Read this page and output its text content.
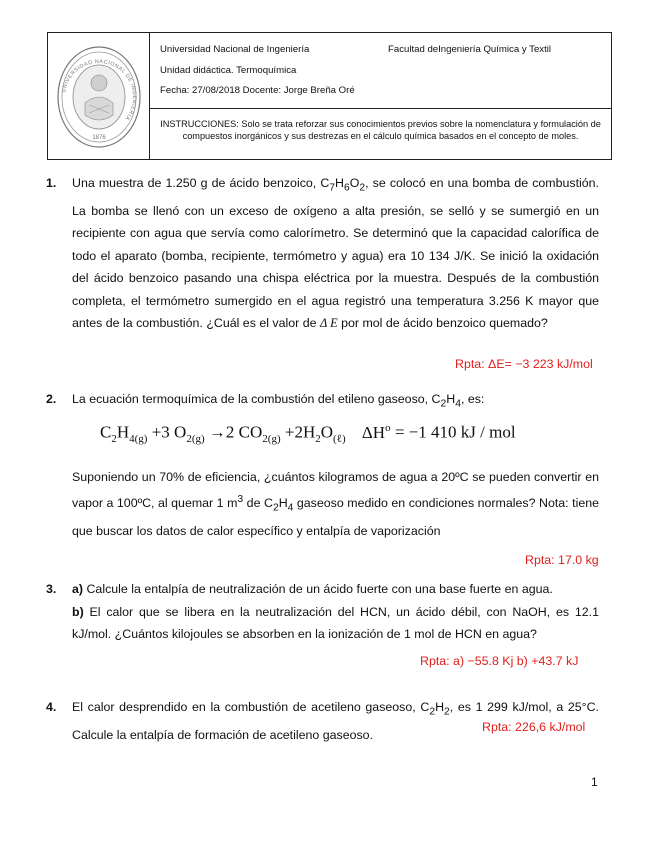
UNIVERSIDAD NACIONAL DE INGENIERIA
1876
Universidad Nacional de Ingeniería	Facultad deIngeniería Química y Textil
Unidad didáctica. Termoquímica
Fecha: 27/08/2018 Docente: Jorge Breña Oré
INSTRUCCIONES: Solo se trata reforzar sus conocimientos previos sobre la nomenclatura y formulación de compuestos inorgánicos y sus destrezas en el cálculo química basados en el concepto de moles.
1. Una muestra de 1.250 g de ácido benzoico, $C_7H_6O_2$, se colocó en una bomba de combustión. La bomba se llenó con un exceso de oxígeno a alta presión, se selló y se sumergió en un recipiente con agua que servía como calorímetro. Se determinó que la capacidad calorífica de todo el aparato (bomba, recipiente, termómetro y agua) era 10 134 J/K. Se inició la oxidación del ácido benzoico pasando una chispa eléctrica por la muestra. Después de la combustión completa, el termómetro sumergido en el agua registró una temperatura 3.256 K mayor que antes de la combustión. ¿Cuál es el valor de Δ E por mol de ácido benzoico quemado?
Rpta: ΔE= −3 223 kJ/mol
2. La ecuación termoquímica de la combustión del etileno gaseoso, $C_2H_4$, es:
$C_2H_{4(g)} +3$ $O_{2(g)} \to 2$ $CO_{2(g)} +2H_2O_{(\ell)}$ $\Delta H^o = -1$ 410 kJ / mol
Suponiendo un 70% de eficiencia, ¿cuántos kilogramos de agua a 20ºC se pueden convertir en vapor a 100ºC, al quemar 1 $m^3$ de $C_2H_4$ gaseoso medido en condiciones normales? Nota: tiene que buscar los datos de calor específico y entalpía de vaporización
Rpta: 17.0 kg
3. a) Calcule la entalpía de neutralización de un ácido fuerte con una base fuerte en agua.
b) El calor que se libera en la neutralización del HCN, un ácido débil, con NaOH, es 12.1 kJ/mol. ¿Cuántos kilojoules se absorben en la ionización de 1 mol de HCN en agua?
Rpta: a) −55.8 Kj b) +43.7 kJ
4. El calor desprendido en la combustión de acetileno gaseoso, $C_2H_2$, es 1 299 kJ/mol, a 25°C. Calcule la entalpía de formación de acetileno gaseoso.
Rpta: 226,6 kJ/mol
1
